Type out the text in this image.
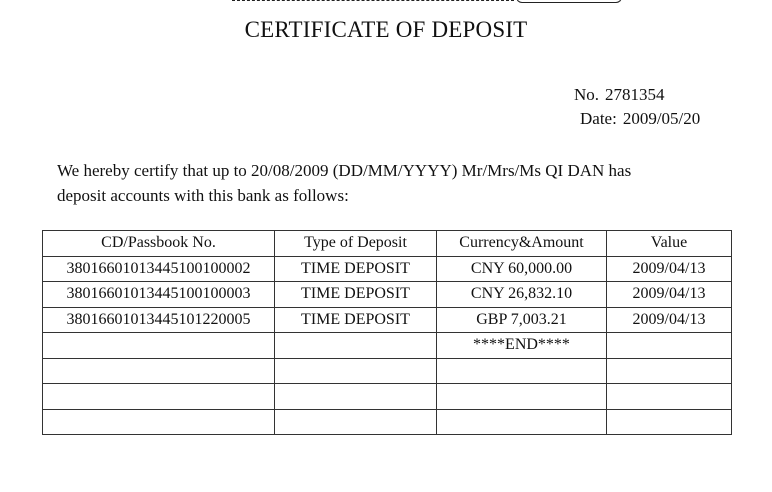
CERTIFICATE OF DEPOSIT
No. 2781354
Date: 2009/05/20
We hereby certify that up to 20/08/2009 (DD/MM/YYYY) Mr/Mrs/Ms QI DAN has
deposit accounts with this bank as follows:
CD/Passbook No.	Type of Deposit	Currency&Amount	Value
38016601013445100100002	TIME DEPOSIT	CNY 60,000.00	2009/04/13
38016601013445100100003	TIME DEPOSIT	CNY 26,832.10	2009/04/13
38016601013445101220005	TIME DEPOSIT	GBP 7,003.21	2009/04/13
		****END****	
